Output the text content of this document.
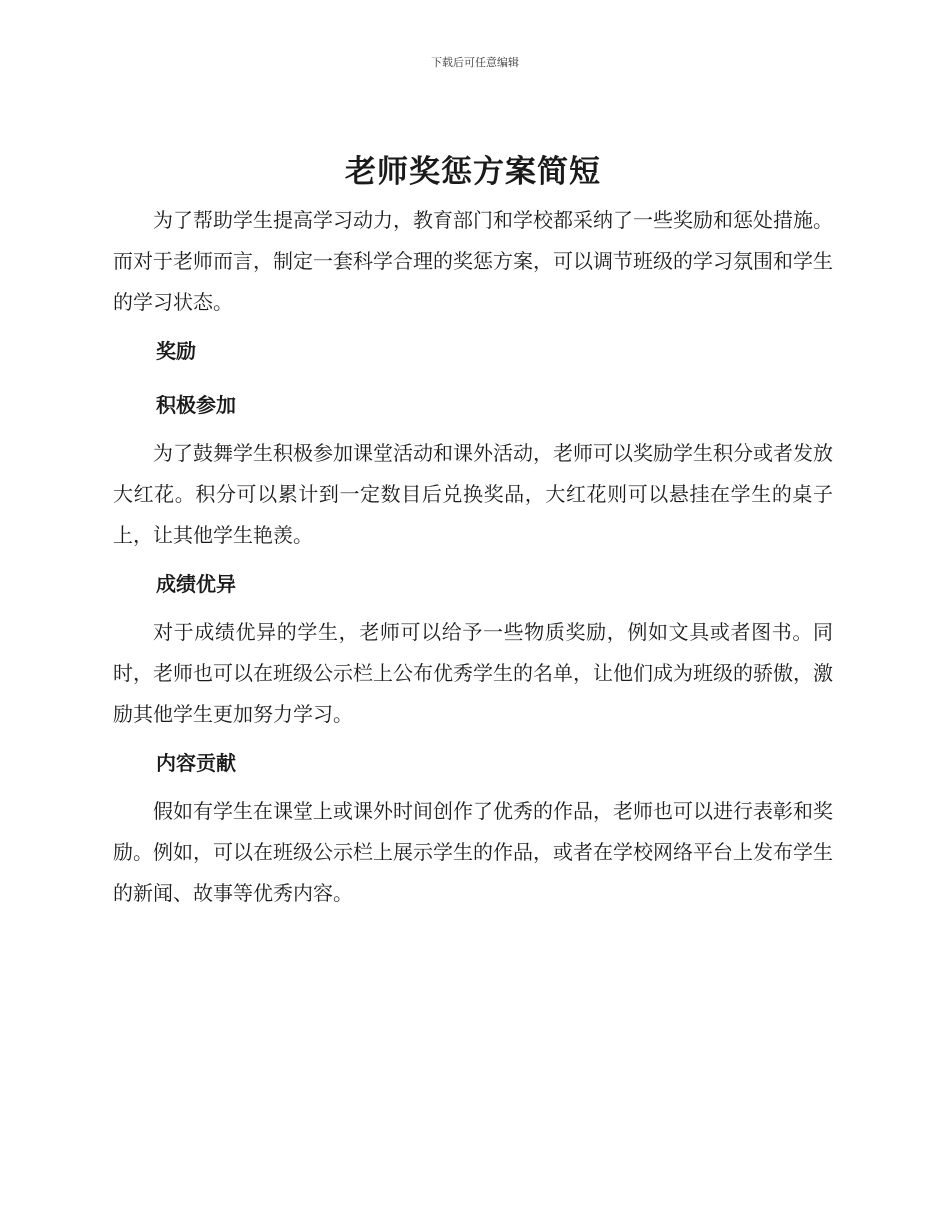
下载后可任意编辑
老师奖惩方案简短

为了帮助学生提高学习动力，教育部门和学校都采纳了一些奖励和惩处措施。而对于老师而言，制定一套科学合理的奖惩方案，可以调节班级的学习氛围和学生的学习状态。

奖励

积极参加

为了鼓舞学生积极参加课堂活动和课外活动，老师可以奖励学生积分或者发放大红花。积分可以累计到一定数目后兑换奖品，大红花则可以悬挂在学生的桌子上，让其他学生艳羡。

成绩优异

对于成绩优异的学生，老师可以给予一些物质奖励，例如文具或者图书。同时，老师也可以在班级公示栏上公布优秀学生的名单，让他们成为班级的骄傲，激励其他学生更加努力学习。

内容贡献

假如有学生在课堂上或课外时间创作了优秀的作品，老师也可以进行表彰和奖励。例如，可以在班级公示栏上展示学生的作品，或者在学校网络平台上发布学生的新闻、故事等优秀内容。
